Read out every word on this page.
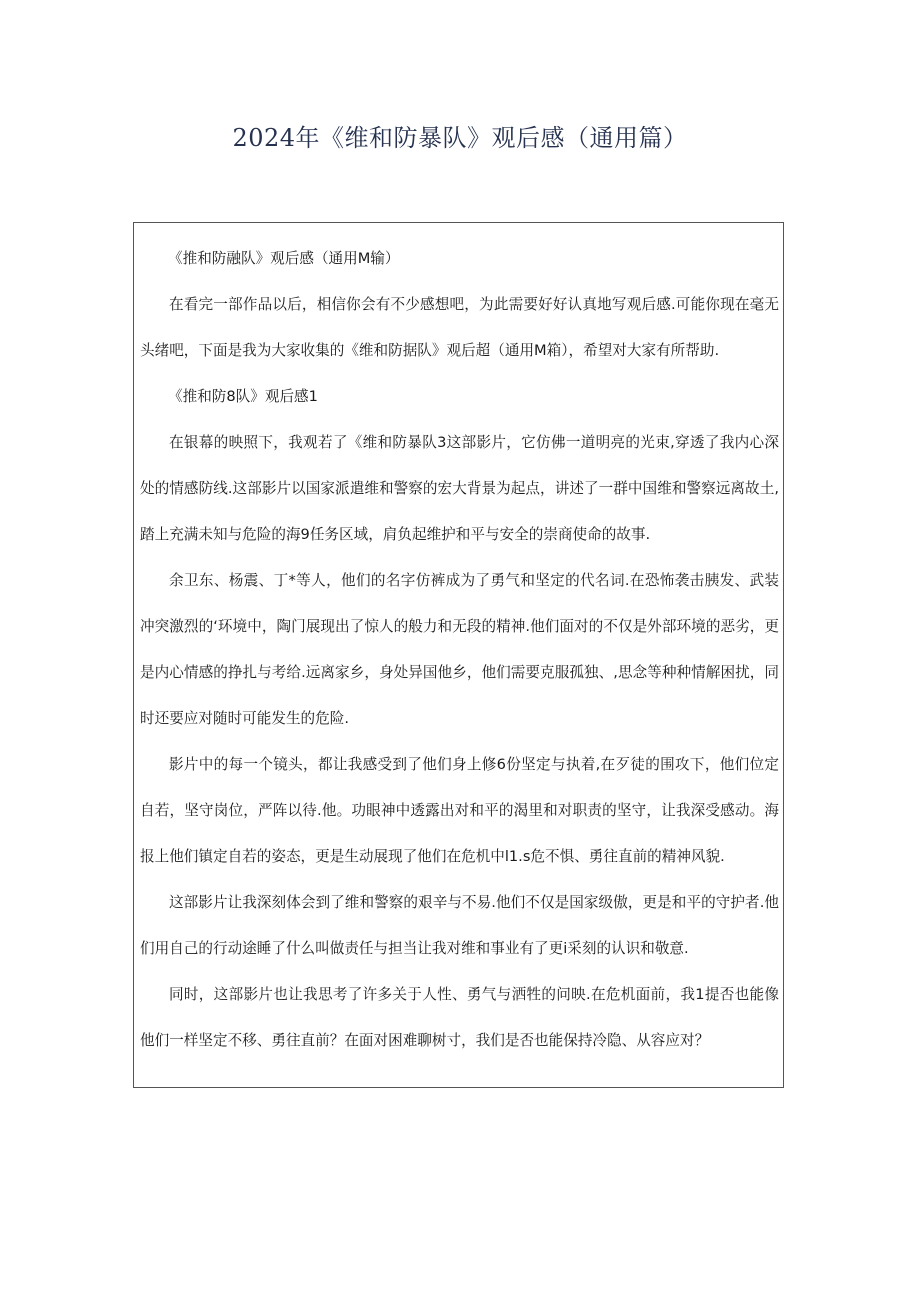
2024年《维和防暴队》观后感（通用篇）

《推和防融队》观后感（通用M输）

在看完一部作品以后，相信你会有不少感想吧，为此需要好好认真地写观后感.可能你现在毫无头绪吧，下面是我为大家收集的《维和防据队》观后超（通用M箱），希望对大家有所帮助.

《推和防8队》观后感1

在银幕的映照下，我观若了《维和防暴队3这部影片，它仿佛一道明亮的光束,穿透了我内心深处的情感防线.这部影片以国家派遣维和警察的宏大背景为起点，讲述了一群中国维和警察远离故土,踏上充满未知与危险的海9任务区域，肩负起维护和平与安全的崇商使命的故事.

余卫东、杨震、丁*等人，他们的名字仿裤成为了勇气和坚定的代名词.在恐怖袭击胰发、武装冲突激烈的‘环境中，陶门展现出了惊人的般力和无段的精神.他们面对的不仅是外部环境的恶劣，更是内心情感的挣扎与考给.远离家乡，身处异国他乡，他们需要克服孤独、,思念等种种情解困扰，同时还要应对随时可能发生的危险.

影片中的每一个镜头，都让我感受到了他们身上修6份坚定与执着,在歹徒的围攻下，他们位定自若，坚守岗位，严阵以待.他。功眼神中透露出对和平的渴里和对职责的坚守，让我深受感动。海报上他们镇定自若的姿态，更是生动展现了他们在危机中l1.s危不惧、勇往直前的精神风貌.

这部影片让我深刻体会到了维和警察的艰辛与不易.他们不仅是国家级傲，更是和平的守护者.他们用自己的行动途睡了什么叫做责任与担当让我对维和事业有了更i采刻的认识和敬意.

同时，这部影片也让我思考了许多关于人性、勇气与洒牲的问映.在危机面前，我1提否也能像他们一样坚定不移、勇往直前？在面对困难聊树寸，我们是否也能保持冷隐、从容应对？
